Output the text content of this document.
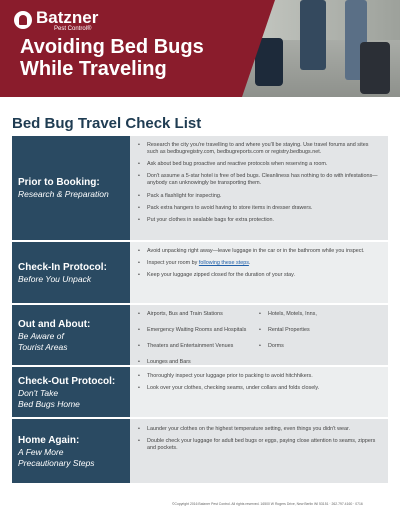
Batzner
Pest Control®
Avoiding Bed Bugs
While Traveling
Bed Bug Travel Check List
Prior to Booking:
Research & Preparation
• Research the city you're travelling to and where you'll be staying. Use travel forums and sites such as bedbugregistry.com, bedbugreports.com or registry.bedbugs.net.
• Ask about bed bug proactive and reactive protocols when reserving a room.
• Don't assume a 5-star hotel is free of bed bugs. Cleanliness has nothing to do with infestations—anybody can unknowingly be transporting them.
• Pack a flashlight for inspecting.
• Pack extra hangers to avoid having to store items in dresser drawers.
• Put your clothes in sealable bags for extra protection.
Check-In Protocol:
Before You Unpack
• Avoid unpacking right away—leave luggage in the car or in the bathroom while you inspect.
• Inspect your room by following these steps.
• Keep your luggage zipped closed for the duration of your stay.
Out and About:
Be Aware of
Tourist Areas
• Airports, Bus and Train Stations
• Emergency Waiting Rooms and Hospitals
• Theaters and Entertainment Venues
• Lounges and Bars
• Hotels, Motels, Inns,
• Rental Properties
• Dorms
Check-Out Protocol:
Don't Take
Bed Bugs Home
• Thoroughly inspect your luggage prior to packing to avoid hitchhikers.
• Look over your clothes, checking seams, under collars and folds closely.
Home Again:
A Few More
Precautionary Steps
• Launder your clothes on the highest temperature setting, even things you didn't wear.
• Double check your luggage for adult bed bugs or eggs, paying close attention to seams, zippers and pockets.
©Copyright 2016 Batzner Pest Control. All rights reserved. 16500 W Rogers Drive, New Berlin WI 53151 · 262.797.4160 · 0716
